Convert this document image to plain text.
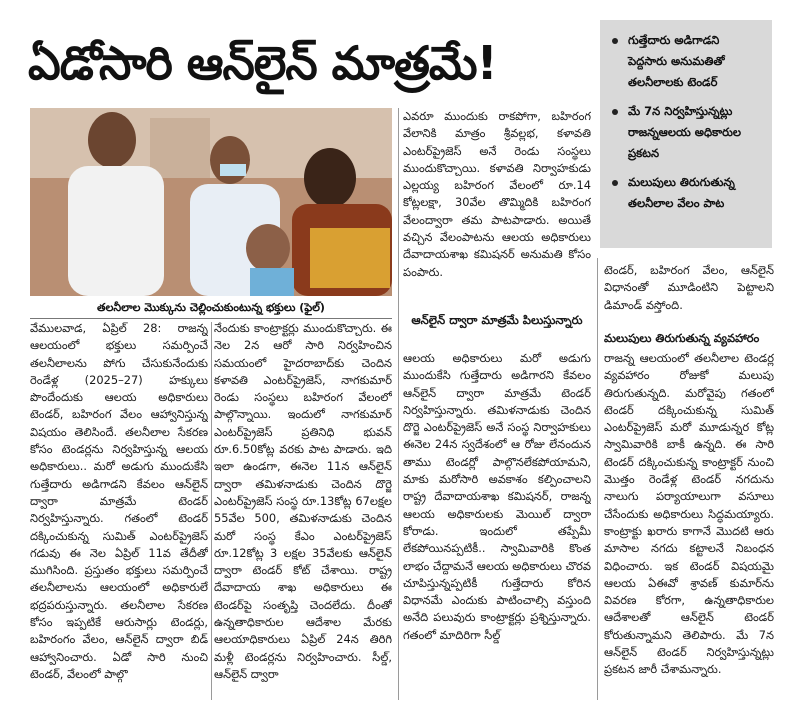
ఏడోసారి ఆన్‌లైన్ మాత్రమే!	గుత్తేదారు అడిగాడని పెద్దసారు అనుమతితో తలనీలాలకు టెండర్
మే 7న నిర్వహిస్తున్నట్లు రాజన్నఆలయ అధికారుల ప్రకటన
మలుపులు తిరుగుతున్న తలనీలాల వేలం పాట
తలనీలాల మొక్కును చెల్లించుకుంటున్న భక్తులు (ఫైల్)

వేములవాడ, ఏప్రిల్ 28: రాజన్న ఆలయంలో భక్తులు సమర్పించే తలనీలాలను పోగు చేసుకునేందుకు రెండేళ్ల (2025–27) హక్కులు పొందేందుకు ఆలయ అధికారులు టెండర్, బహిరంగ వేలం ఆహ్వానిస్తున్న విషయం తెలిసిందే. తలనీలాల సేకరణ కోసం టెండర్లను నిర్వహిస్తున్న ఆలయ అధికారులు.. మరో అడుగు ముందుకేసి గుత్తేదారు అడిగాడని కేవలం ఆన్‌లైన్ ద్వారా మాత్రమే టెండర్ నిర్వహిస్తున్నారు. గతంలో టెండర్ దక్కించుకున్న సుమిత్ ఎంటర్‌ప్రైజెస్ గడువు ఈ నెల ఏప్రిల్ 11వ తేదీతో ముగిసింది. ప్రస్తుతం భక్తులు సమర్పించే తలనీలాలను ఆలయంలో అధికారులే భద్రపరుస్తున్నారు. తలనీలాల సేకరణ కోసం ఇప్పటికే ఆరుసార్లు టెండర్లు, బహిరంగం వేలం, ఆన్‌లైన్ ద్వారా బిడ్ ఆహ్వానించారు. ఏడో సారి నుంచి టెండర్, వేలంలో పాల్గొ

నేందుకు కాంట్రాక్టర్లు ముందుకొచ్చారు. ఈ నెల 2న ఆరో సారి నిర్వహించిన సమయంలో హైదరాబాద్‌కు చెందిన కళావతి ఎంటర్‌ప్రైజెస్, నాగకుమార్ రెండు సంస్థలు బహిరంగ వేలంలో పాల్గొన్నాయి. ఇందులో నాగకుమార్ ఎంటర్‌ప్రైజెస్ ప్రతినిధి భువన్ రూ.6.50కోట్ల వరకు పాట పాడారు. ఇది ఇలా ఉండగా, ఈనెల 11న ఆన్‌లైన్ ద్వారా తమిళనాడుకు చెందిన దొర్జె ఎంటర్‌ప్రైజెస్ సంస్థ రూ.13కోట్ల 67లక్షల 55వేల 500, తమిళనాడుకు చెందిన మరో సంస్థ కేఎం ఎంటర్‌ప్రైజెస్ రూ.12కోట్ల 3 లక్షల 35వేలకు ఆన్‌లైన్ ద్వారా టెండర్ కోట్ చేశాయి. రాష్ట్ర దేవాదాయ శాఖ అధికారులు ఈ టెండర్‌పై సంతృప్తి చెందలేదు. దీంతో ఉన్నతాధికారుల ఆదేశాల మేరకు ఆలయాధికారులు ఏప్రిల్ 24న తిరిగి మళ్లీ టెండర్లను నిర్వహించారు. సీల్డ్, ఆన్‌లైన్ ద్వారా

ఎవరూ ముందుకు రాకపోగా, బహిరంగ వేలానికి మాత్రం శ్రీవల్లభ, కళావతి ఎంటర్‌ప్రైజెస్ అనే రెండు సంస్థలు ముందుకొచ్చాయి. కళావతి నిర్వాహకుడు ఎల్లయ్య బహిరంగ వేలంలో రూ.14 కోట్లలక్షా, 30వేల తొమ్మిదికి బహిరంగ వేలంద్వారా తమ పాటపాడారు. అయితే వచ్చిన వేలంపాటను ఆలయ అధికారులు దేవాదాయశాఖ కమిషనర్ అనుమతి కోసం పంపారు.

ఆన్‌లైన్ ద్వారా మాత్రమే పిలుస్తున్నారు

ఆలయ అధికారులు మరో అడుగు ముందుకేసి గుత్తేదారు అడిగారని కేవలం ఆన్‌లైన్ ద్వారా మాత్రమే టెండర్ నిర్వహిస్తున్నారు. తమిళనాడుకు చెందిన దొర్జె ఎంటర్‌ప్రైజెస్ అనే సంస్థ నిర్వాహకులు ఈనెల 24న స్వదేశంలో ఆ రోజు లేనందున తాము టెండర్లో పాల్గొనలేకపోయామని, మాకు మరోసారి అవకాశం కల్పించాలని రాష్ట్ర దేవాదాయశాఖ కమిషనర్, రాజన్న ఆలయ అధికారులకు మెయిల్ ద్వారా కోరాడు. ఇందులో తప్పేమీ లేకపోయినప్పటికీ.. స్వామివారికి కొంత లాభం చేద్దామనే ఆలయ అధికారులు చొరవ చూపిస్తున్నప్పటికీ గుత్తేదారు కోరిన విధానమే ఎందుకు పాటించాల్సి వస్తుంది అనేది పలువురు కాంట్రాక్టర్లు ప్రశ్నిస్తున్నారు. గతంలో మాదిరిగా సీల్డ్

టెండర్, బహిరంగ వేలం, ఆన్‌లైన్ విధానంతో మూడింటిని పెట్టాలని డిమాండ్ వస్తోంది.

మలుపులు తిరుగుతున్న వ్యవహారం

రాజన్న ఆలయంలో తలనీలాల టెండర్ల వ్యవహారం రోజుకో మలుపు తిరుగుతున్నది. మరోవైపు గతంలో టెండర్ దక్కించుకున్న సుమిత్ ఎంటర్‌ప్రైజెస్ మరో మూడున్నర కోట్ల స్వామివారికి బాకీ ఉన్నది. ఈ సారి టెండర్ దక్కించుకున్న కాంట్రాక్టర్ నుంచి మొత్తం రెండేళ్ల టెండర్ నగదును నాలుగు పర్యాయాలుగా వసూలు చేసేందుకు అధికారులు సిద్ధమయ్యారు. కాంట్రాక్టు ఖరారు కాగానే మొదటి ఆరు మాసాల నగదు కట్టాలనే నిబంధన విధించారు. ఇక టెండర్ విషయమై ఆలయ ఏఈవో శ్రావణ్ కుమార్‌ను వివరణ కోరగా, ఉన్నతాధికారుల ఆదేశాలతో ఆన్‌లైన్ టెండర్ కోరుతున్నామని తెలిపారు. మే 7న ఆన్‌లైన్ టెండర్ నిర్వహిస్తున్నట్లు ప్రకటన జారీ చేశామన్నారు.
